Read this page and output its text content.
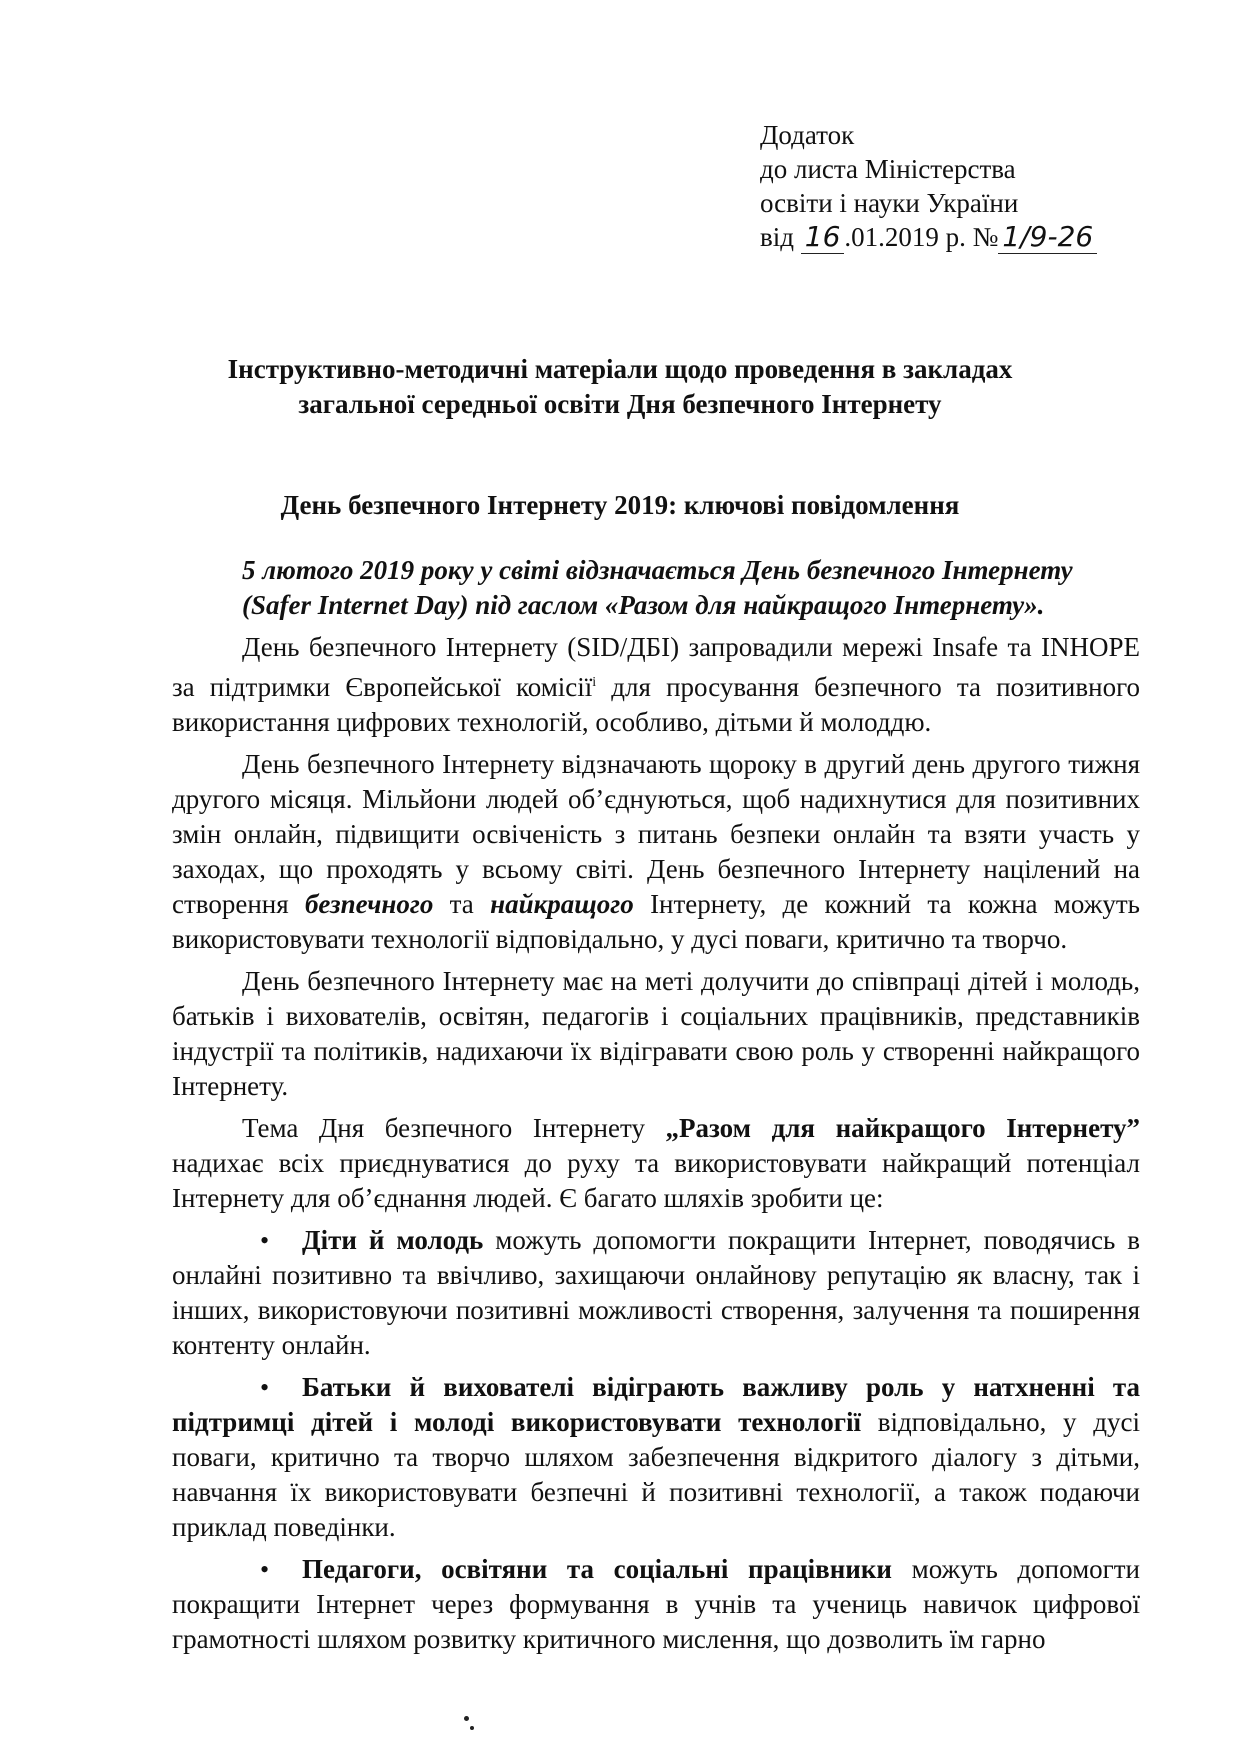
Додаток
до листа Міністерства
освіти і науки України
від 16 .01.2019 р. № 1/9-26
Інструктивно-методичні матеріали щодо проведення в закладах
загальної середньої освіти Дня безпечного Інтернету
День безпечного Інтернету 2019: ключові повідомлення

5 лютого 2019 року у світі відзначається День безпечного Інтернету
(Safer Internet Day) під гаслом «Разом для найкращого Інтернету».

День безпечного Інтернету (SID/ДБІ) запровадили мережі Insafe та INHOPE за підтримки Європейської комісії$^і$ для просування безпечного та позитивного використання цифрових технологій, особливо, дітьми й молоддю.

День безпечного Інтернету відзначають щороку в другий день другого тижня другого місяця. Мільйони людей об’єднуються, щоб надихнутися для позитивних змін онлайн, підвищити освіченість з питань безпеки онлайн та взяти участь у заходах, що проходять у всьому світі. День безпечного Інтернету націлений на створення безпечного та найкращого Інтернету, де кожний та кожна можуть використовувати технології відповідально, у дусі поваги, критично та творчо.

День безпечного Інтернету має на меті долучити до співпраці дітей і молодь, батьків і вихователів, освітян, педагогів і соціальних працівників, представників індустрії та політиків, надихаючи їх відігравати свою роль у створенні найкращого Інтернету.

Тема Дня безпечного Інтернету „Разом для найкращого Інтернету” надихає всіх приєднуватися до руху та використовувати найкращий потенціал Інтернету для об’єднання людей. Є багато шляхів зробити це:

•Діти й молодь можуть допомогти покращити Інтернет, поводячись в онлайні позитивно та ввічливо, захищаючи онлайнову репутацію як власну, так і інших, використовуючи позитивні можливості створення, залучення та поширення контенту онлайн.
•Батьки й вихователі відіграють важливу роль у натхненні та підтримці дітей і молоді використовувати технології відповідально, у дусі поваги, критично та творчо шляхом забезпечення відкритого діалогу з дітьми, навчання їх використовувати безпечні й позитивні технології, а також подаючи приклад поведінки.
•Педагоги, освітяни та соціальні працівники можуть допомогти покращити Інтернет через формування в учнів та учениць навичок цифрової грамотності шляхом розвитку критичного мислення, що дозволить їм гарно
